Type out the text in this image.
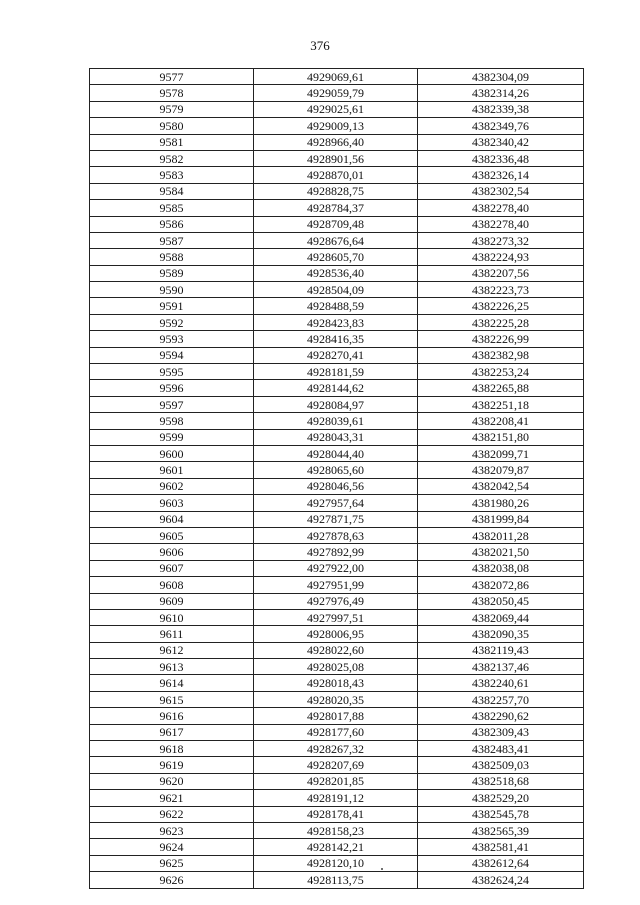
376
9577	4929069,61	4382304,09
9578	4929059,79	4382314,26
9579	4929025,61	4382339,38
9580	4929009,13	4382349,76
9581	4928966,40	4382340,42
9582	4928901,56	4382336,48
9583	4928870,01	4382326,14
9584	4928828,75	4382302,54
9585	4928784,37	4382278,40
9586	4928709,48	4382278,40
9587	4928676,64	4382273,32
9588	4928605,70	4382224,93
9589	4928536,40	4382207,56
9590	4928504,09	4382223,73
9591	4928488,59	4382226,25
9592	4928423,83	4382225,28
9593	4928416,35	4382226,99
9594	4928270,41	4382382,98
9595	4928181,59	4382253,24
9596	4928144,62	4382265,88
9597	4928084,97	4382251,18
9598	4928039,61	4382208,41
9599	4928043,31	4382151,80
9600	4928044,40	4382099,71
9601	4928065,60	4382079,87
9602	4928046,56	4382042,54
9603	4927957,64	4381980,26
9604	4927871,75	4381999,84
9605	4927878,63	4382011,28
9606	4927892,99	4382021,50
9607	4927922,00	4382038,08
9608	4927951,99	4382072,86
9609	4927976,49	4382050,45
9610	4927997,51	4382069,44
9611	4928006,95	4382090,35
9612	4928022,60	4382119,43
9613	4928025,08	4382137,46
9614	4928018,43	4382240,61
9615	4928020,35	4382257,70
9616	4928017,88	4382290,62
9617	4928177,60	4382309,43
9618	4928267,32	4382483,41
9619	4928207,69	4382509,03
9620	4928201,85	4382518,68
9621	4928191,12	4382529,20
9622	4928178,41	4382545,78
9623	4928158,23	4382565,39
9624	4928142,21	4382581,41
9625	4928120,10	4382612,64
9626	4928113,75	4382624,24
